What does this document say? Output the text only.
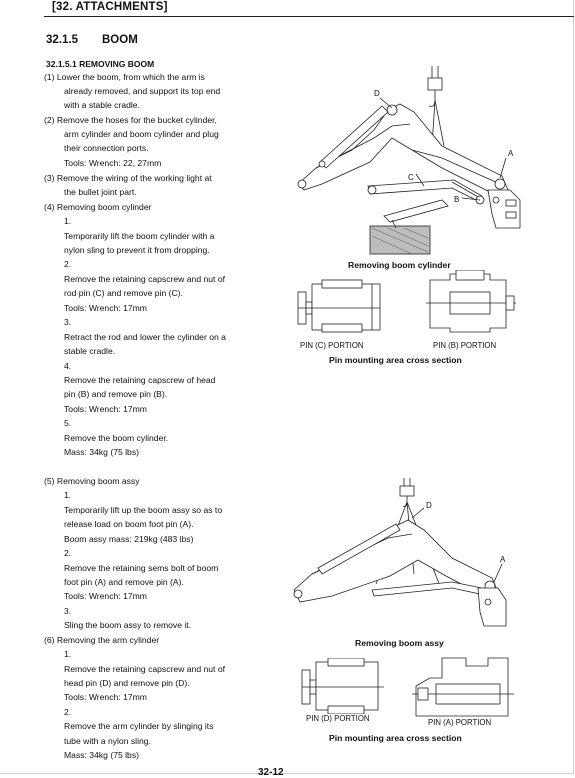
[32. ATTACHMENTS]
32.1.5 BOOM
32.1.5.1 REMOVING BOOM
(1) Lower the boom, from which the arm is
already removed, and support its top end
with a stable cradle.
(2) Remove the hoses for the bucket cylinder,
arm cylinder and boom cylinder and plug
their connection ports.
Tools: Wrench: 22, 27mm
(3) Remove the wiring of the working light at
the bullet joint part.
(4) Removing boom cylinder
1.
Temporarily lift the boom cylinder with a
nylon sling to prevent it from dropping.
2.
Remove the retaining capscrew and nut of
rod pin (C) and remove pin (C).
Tools: Wrench: 17mm
3.
Retract the rod and lower the cylinder on a
stable cradle.
4.
Remove the retaining capscrew of head
pin (B) and remove pin (B).
Tools: Wrench: 17mm
5.
Remove the boom cylinder.
Mass: 34kg (75 lbs)
(5) Removing boom assy
1.
Temporarily lift up the boom assy so as to
release load on boom foot pin (A).
Boom assy mass: 219kg (483 lbs)
2.
Remove the retaining sems bolt of boom
foot pin (A) and remove pin (A).
Tools: Wrench: 17mm
3.
Sling the boom assy to remove it.
(6) Removing the arm cylinder
1.
Remove the retaining capscrew and nut of
head pin (D) and remove pin (D).
Tools: Wrench: 17mm
2.
Remove the arm cylinder by slinging its
tube with a nylon sling.
Mass: 34kg (75 lbs)
D
C
A
B
Removing boom cylinder
PIN (C) PORTION	PIN (B) PORTION
Pin mounting area cross section
D
A
Removing boom assy
PIN (D) PORTION	PIN (A) PORTION
Pin mounting area cross section
32-12
